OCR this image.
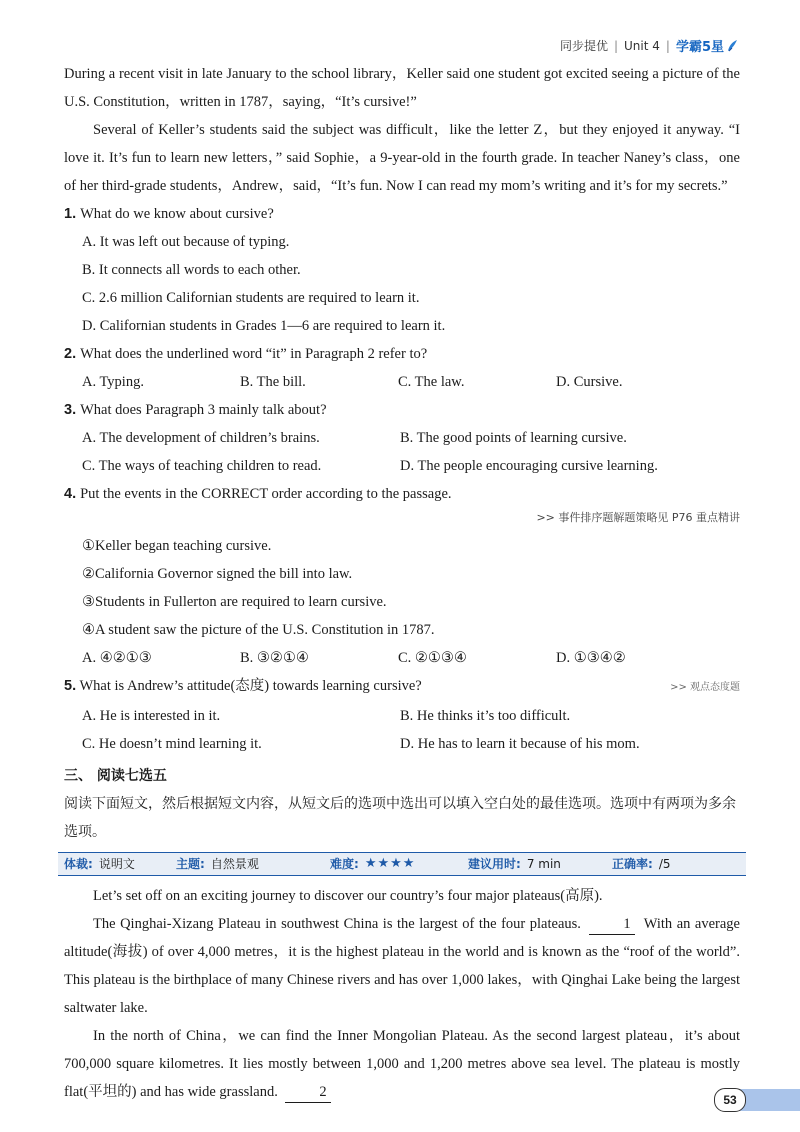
同步提优 | Unit 4 | 学霸5星

During a recent visit in late January to the school library，Keller said one student got excited seeing a picture of the U.S. Constitution，written in 1787，saying，“It’s cursive!”

Several of Keller’s students said the subject was difficult，like the letter Z，but they enjoyed it anyway. “I love it. It’s fun to learn new letters，” said Sophie，a 9-year-old in the fourth grade. In teacher Naney’s class，one of her third-grade students，Andrew，said，“It’s fun. Now I can read my mom’s writing and it’s for my secrets.”

1. What do we know about cursive?

A. It was left out because of typing.

B. It connects all words to each other.

C. 2.6 million Californian students are required to learn it.

D. Californian students in Grades 1—6 are required to learn it.

2. What does the underlined word “it” in Paragraph 2 refer to?
A. Typing.	B. The bill.	C. The law.	D. Cursive.
3. What does Paragraph 3 mainly talk about?
A. The development of children’s brains.	B. The good points of learning cursive.
C. The ways of teaching children to read.	D. The people encouraging cursive learning.
4. Put the events in the CORRECT order according to the passage.
>> 事件排序题解题策略见 P76 重点精讲

①Keller began teaching cursive.

②California Governor signed the bill into law.

③Students in Fullerton are required to learn cursive.

④A student saw the picture of the U.S. Constitution in 1787.

A. ④②①③	B. ③②①④	C. ②①③④	D. ①③④②
5. What is Andrew’s attitude(态度) towards learning cursive?	>> 观点态度题
A. He is interested in it.	B. He thinks it’s too difficult.
C. He doesn’t mind learning it.	D. He has to learn it because of his mom.

三、 阅读七选五

阅读下面短文，然后根据短文内容，从短文后的选项中选出可以填入空白处的最佳选项。选项中有两项为多余选项。

体裁: 说明文	主题: 自然景观	难度: ★★★★	建议用时: 7 min	正确率: /5

Let’s set off on an exciting journey to discover our country’s four major plateaus(高原).

The Qinghai-Xizang Plateau in southwest China is the largest of the four plateaus.	1 With an average altitude(海拔) of over 4,000 metres，it is the highest plateau in the world and is known as the “roof of the world”. This plateau is the birthplace of many Chinese rivers and has over 1,000 lakes，with Qinghai Lake being the largest saltwater lake.

In the north of China，we can find the Inner Mongolian Plateau. As the second largest plateau，it’s about 700,000 square kilometres. It lies mostly between 1,000 and 1,200 metres above sea level. The plateau is mostly flat(平坦的) and has wide grassland.	2	53
